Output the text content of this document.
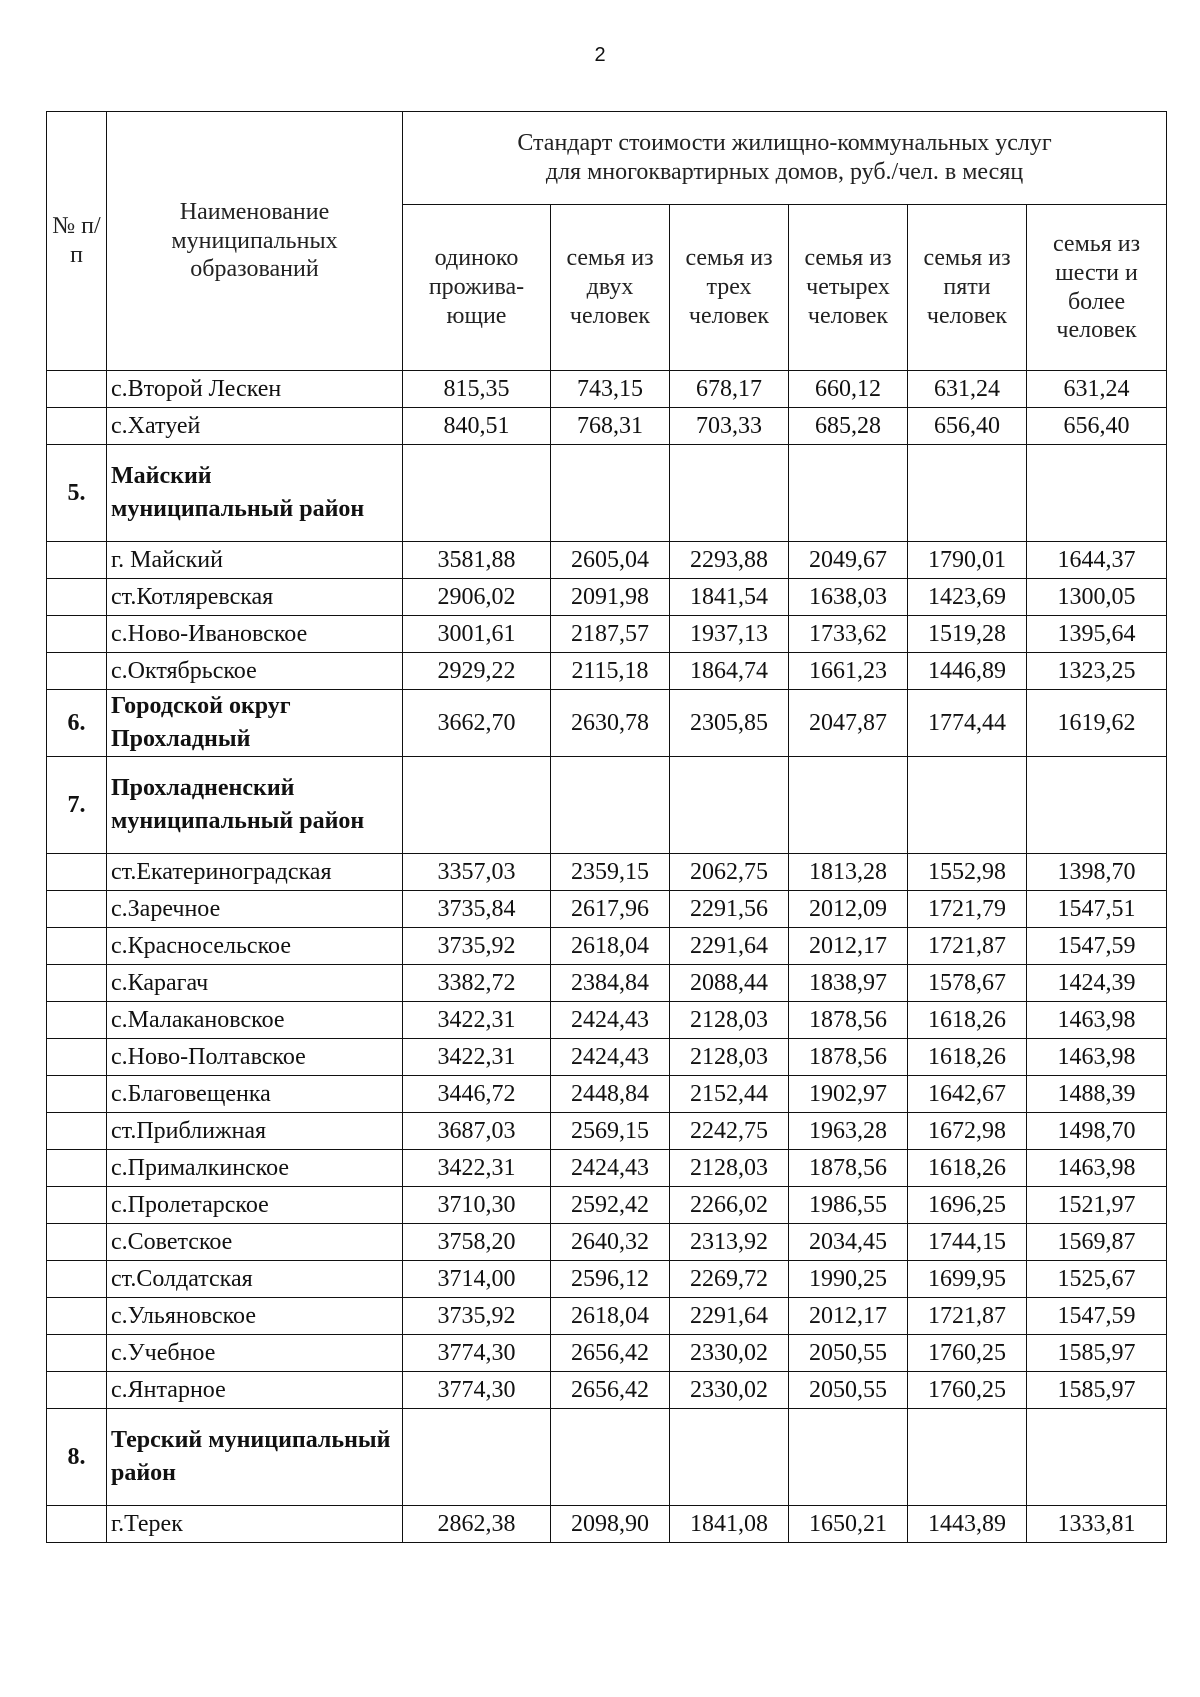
2
№ п/п	Наименование муниципальных образований	Стандарт стоимости жилищно-коммунальных услуг
для многоквартирных домов, руб./чел. в месяц					
		одиноко прожива-ющие	семья из двух человек	семья из трех человек	семья из четырех человек	семья из пяти человек	семья из шести и более человек
	с.Второй Лескен	815,35	743,15	678,17	660,12	631,24	631,24
	с.Хатуей	840,51	768,31	703,33	685,28	656,40	656,40
5.	Майский муниципальный район						
	г. Майский	3581,88	2605,04	2293,88	2049,67	1790,01	1644,37
	ст.Котляревская	2906,02	2091,98	1841,54	1638,03	1423,69	1300,05
	с.Ново-Ивановское	3001,61	2187,57	1937,13	1733,62	1519,28	1395,64
	с.Октябрьское	2929,22	2115,18	1864,74	1661,23	1446,89	1323,25
6.	Городской округ Прохладный	3662,70	2630,78	2305,85	2047,87	1774,44	1619,62
7.	Прохладненский муниципальный район						
	ст.Екатериноградская	3357,03	2359,15	2062,75	1813,28	1552,98	1398,70
	с.Заречное	3735,84	2617,96	2291,56	2012,09	1721,79	1547,51
	с.Красносельское	3735,92	2618,04	2291,64	2012,17	1721,87	1547,59
	с.Карагач	3382,72	2384,84	2088,44	1838,97	1578,67	1424,39
	с.Малакановское	3422,31	2424,43	2128,03	1878,56	1618,26	1463,98
	с.Ново-Полтавское	3422,31	2424,43	2128,03	1878,56	1618,26	1463,98
	с.Благовещенка	3446,72	2448,84	2152,44	1902,97	1642,67	1488,39
	ст.Приближная	3687,03	2569,15	2242,75	1963,28	1672,98	1498,70
	с.Прималкинское	3422,31	2424,43	2128,03	1878,56	1618,26	1463,98
	с.Пролетарское	3710,30	2592,42	2266,02	1986,55	1696,25	1521,97
	с.Советское	3758,20	2640,32	2313,92	2034,45	1744,15	1569,87
	ст.Солдатская	3714,00	2596,12	2269,72	1990,25	1699,95	1525,67
	с.Ульяновское	3735,92	2618,04	2291,64	2012,17	1721,87	1547,59
	с.Учебное	3774,30	2656,42	2330,02	2050,55	1760,25	1585,97
	с.Янтарное	3774,30	2656,42	2330,02	2050,55	1760,25	1585,97
8.	Терский муниципальный район						
	г.Терек	2862,38	2098,90	1841,08	1650,21	1443,89	1333,81
